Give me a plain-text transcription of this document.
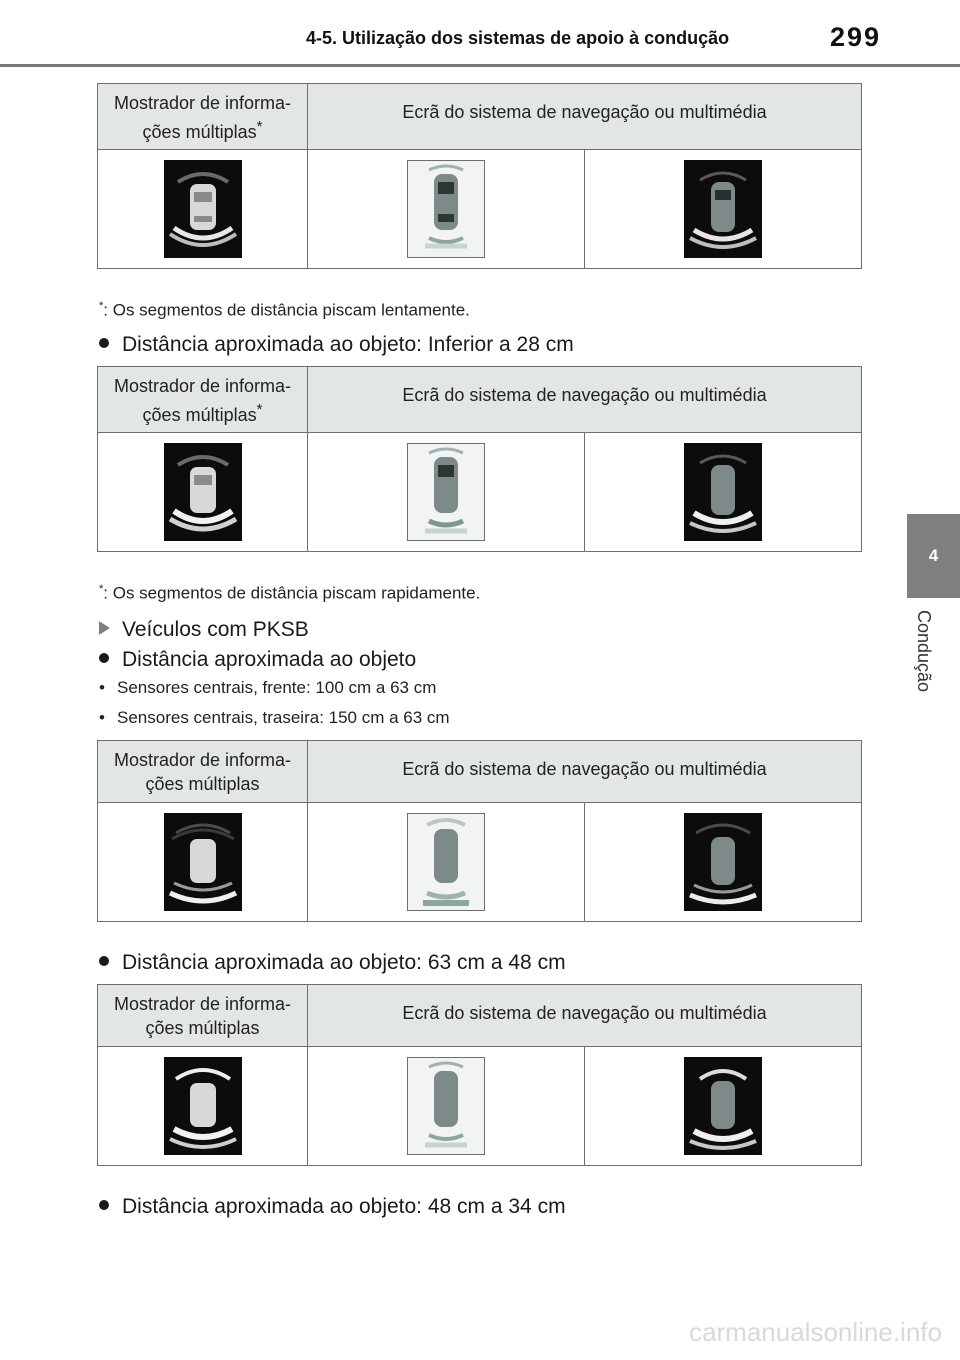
4-5. Utilização dos sistemas de apoio à condução	299
4
Condução
Mostrador de informa-
ções múltiplas*	Ecrã do sistema de navegação ou multimédia	

*: Os segmentos de distância piscam lentamente.
Distância aproximada ao objeto: Inferior a 28 cm
Mostrador de informa-
ções múltiplas*	Ecrã do sistema de navegação ou multimédia	

*: Os segmentos de distância piscam rapidamente.
Veículos com PKSB
Distância aproximada ao objeto
• Sensores centrais, frente: 100 cm a 63 cm
• Sensores centrais, traseira: 150 cm a 63 cm
Mostrador de informa-
ções múltiplas	Ecrã do sistema de navegação ou multimédia	

Distância aproximada ao objeto: 63 cm a 48 cm
Mostrador de informa-
ções múltiplas	Ecrã do sistema de navegação ou multimédia	

Distância aproximada ao objeto: 48 cm a 34 cm
carmanualsonline.info
